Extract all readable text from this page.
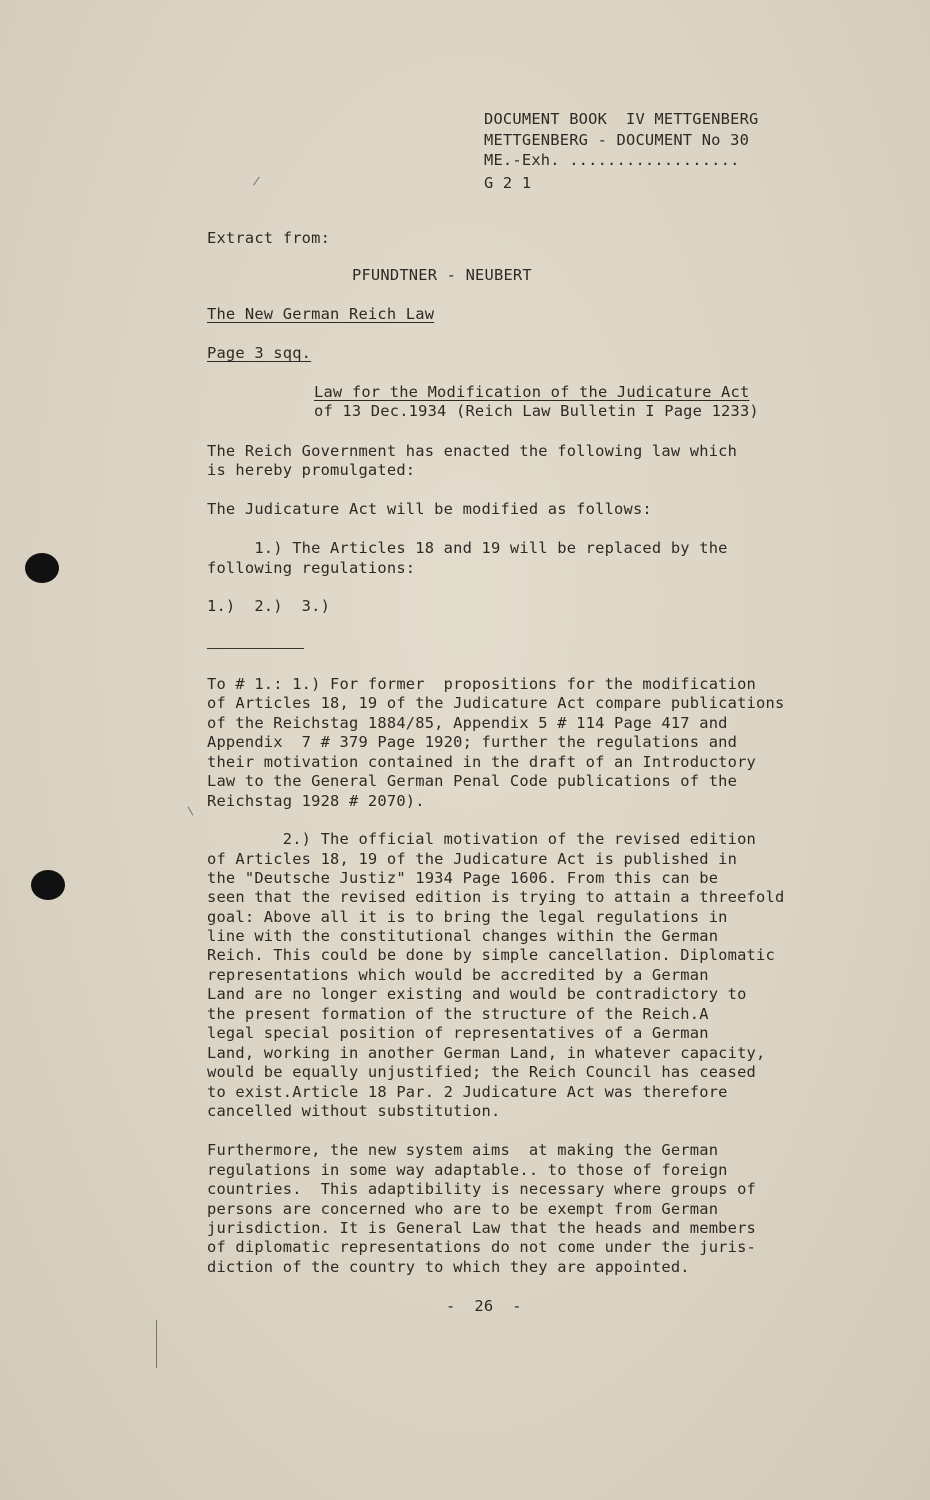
DOCUMENT BOOK  IV METTGENBERG
METTGENBERG - DOCUMENT No 30
ME.-Exh. ..................
G 2 1
Extract from:
PFUNDTNER - NEUBERT
The New German Reich Law
Page 3 sqq.
Law for the Modification of the Judicature Act
of 13 Dec.1934 (Reich Law Bulletin I Page 1233)
The Reich Government has enacted the following law which
is hereby promulgated:
The Judicature Act will be modified as follows:
1.) The Articles 18 and 19 will be replaced by the
following regulations:
1.)  2.)  3.)
To # 1.: 1.) For former  propositions for the modification
of Articles 18, 19 of the Judicature Act compare publications
of the Reichstag 1884/85, Appendix 5 # 114 Page 417 and
Appendix  7 # 379 Page 1920; further the regulations and
their motivation contained in the draft of an Introductory
Law to the General German Penal Code publications of the
Reichstag 1928 # 2070).
2.) The official motivation of the revised edition
of Articles 18, 19 of the Judicature Act is published in
the "Deutsche Justiz" 1934 Page 1606. From this can be
seen that the revised edition is trying to attain a threefold
goal: Above all it is to bring the legal regulations in
line with the constitutional changes within the German
Reich. This could be done by simple cancellation. Diplomatic
representations which would be accredited by a German
Land are no longer existing and would be contradictory to
the present formation of the structure of the Reich.A
legal special position of representatives of a German
Land, working in another German Land, in whatever capacity,
would be equally unjustified; the Reich Council has ceased
to exist.Article 18 Par. 2 Judicature Act was therefore
cancelled without substitution.
Furthermore, the new system aims  at making the German
regulations in some way adaptable.. to those of foreign
countries.  This adaptibility is necessary where groups of
persons are concerned who are to be exempt from German
jurisdiction. It is General Law that the heads and members
of diplomatic representations do not come under the juris-
diction of the country to which they are appointed.
-  26  -
